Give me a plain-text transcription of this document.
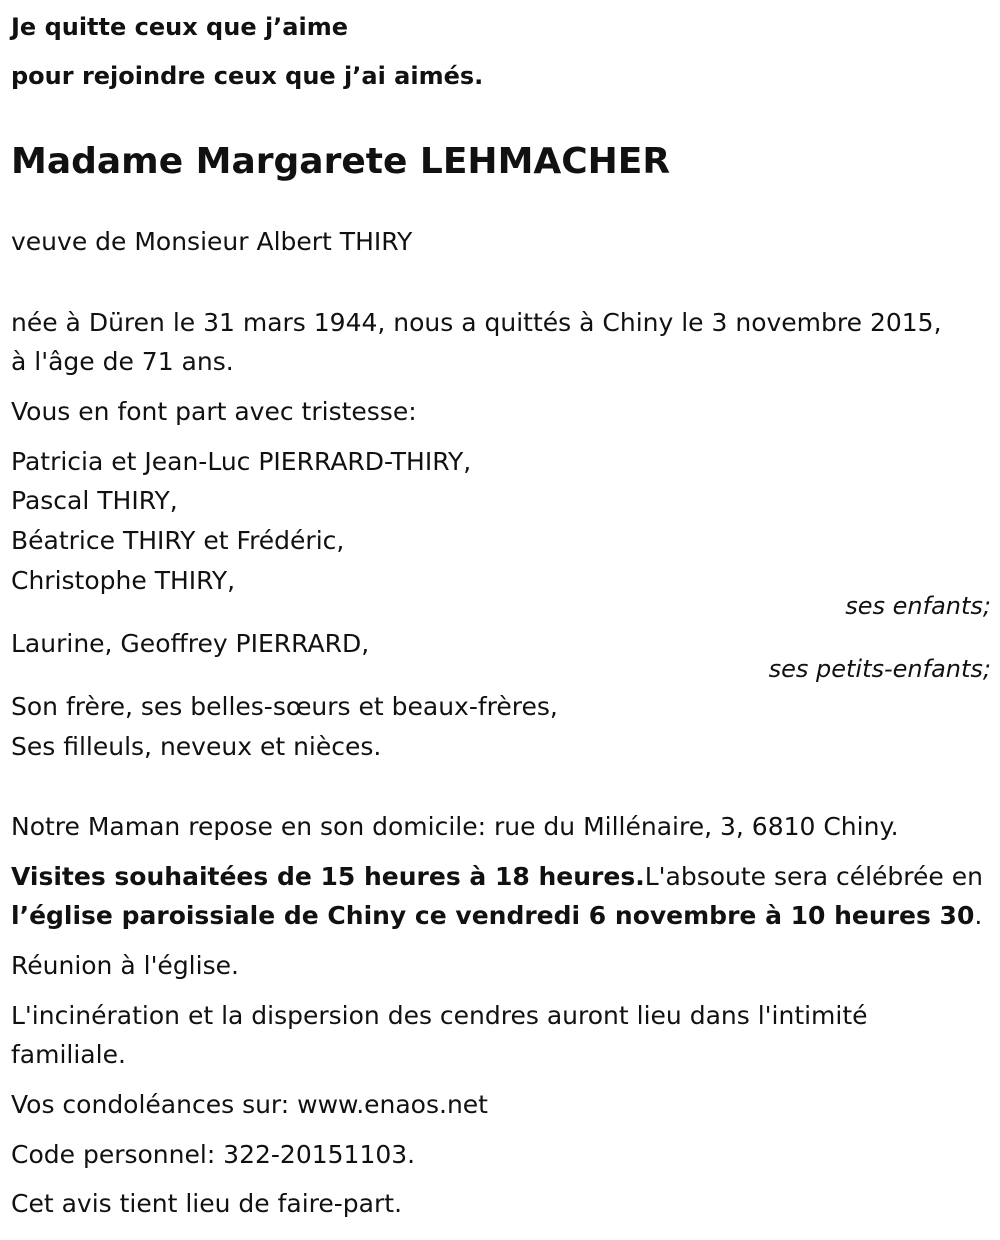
Je quitte ceux que j’aime
pour rejoindre ceux que j’ai aimés.
Madame Margarete LEHMACHER
veuve de Monsieur Albert THIRY
née à Düren le 31 mars 1944, nous a quittés à Chiny le 3 novembre 2015,
à l'âge de 71 ans.
Vous en font part avec tristesse:
Patricia et Jean-Luc PIERRARD-THIRY,
Pascal THIRY,
Béatrice THIRY et Frédéric,
Christophe THIRY,
ses enfants;
Laurine, Geoffrey PIERRARD,
ses petits-enfants;
Son frère, ses belles-sœurs et beaux-frères,
Ses filleuls, neveux et nièces.
Notre Maman repose en son domicile: rue du Millénaire, 3, 6810 Chiny.
Visites souhaitées de 15 heures à 18 heures.L'absoute sera célébrée en
l’église paroissiale de Chiny ce vendredi 6 novembre à 10 heures 30.
Réunion à l'église.
L'incinération et la dispersion des cendres auront lieu dans l'intimité
familiale.
Vos condoléances sur: www.enaos.net
Code personnel: 322-20151103.
Cet avis tient lieu de faire-part.
